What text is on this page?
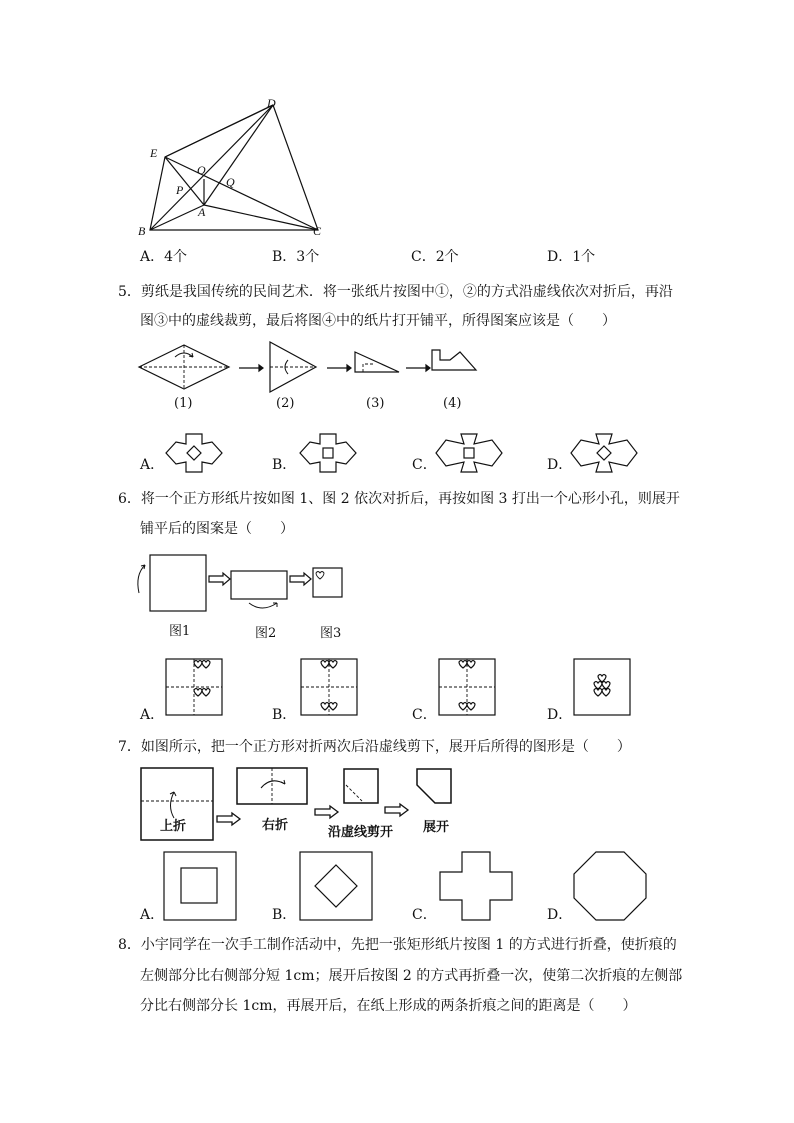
D
E
O
P
Q
A
B	C
A．4个	B．3个	C．2个	D．1个
5．剪纸是我国传统的民间艺术．将一张纸片按图中①，②的方式沿虚线依次对折后，再沿
图③中的虚线裁剪，最后将图④中的纸片打开铺平，所得图案应该是（　　）
(1)	(2)	(3)	(4)
A．	B．	C．	D．
6．将一个正方形纸片按如图 1、图 2 依次对折后，再按如图 3 打出一个心形小孔，则展开
铺平后的图案是（　　）
图1	图2	图3
A．	B．	C．	D．
7．如图所示，把一个正方形对折两次后沿虚线剪下，展开后所得的图形是（　　）
上折	右折	沿虚线剪开 展开
A．	B．	C．	D．
8．小宇同学在一次手工制作活动中，先把一张矩形纸片按图 1 的方式进行折叠，使折痕的
左侧部分比右侧部分短 1cm；展开后按图 2 的方式再折叠一次，使第二次折痕的左侧部
分比右侧部分长 1cm，再展开后，在纸上形成的两条折痕之间的距离是（　　）
